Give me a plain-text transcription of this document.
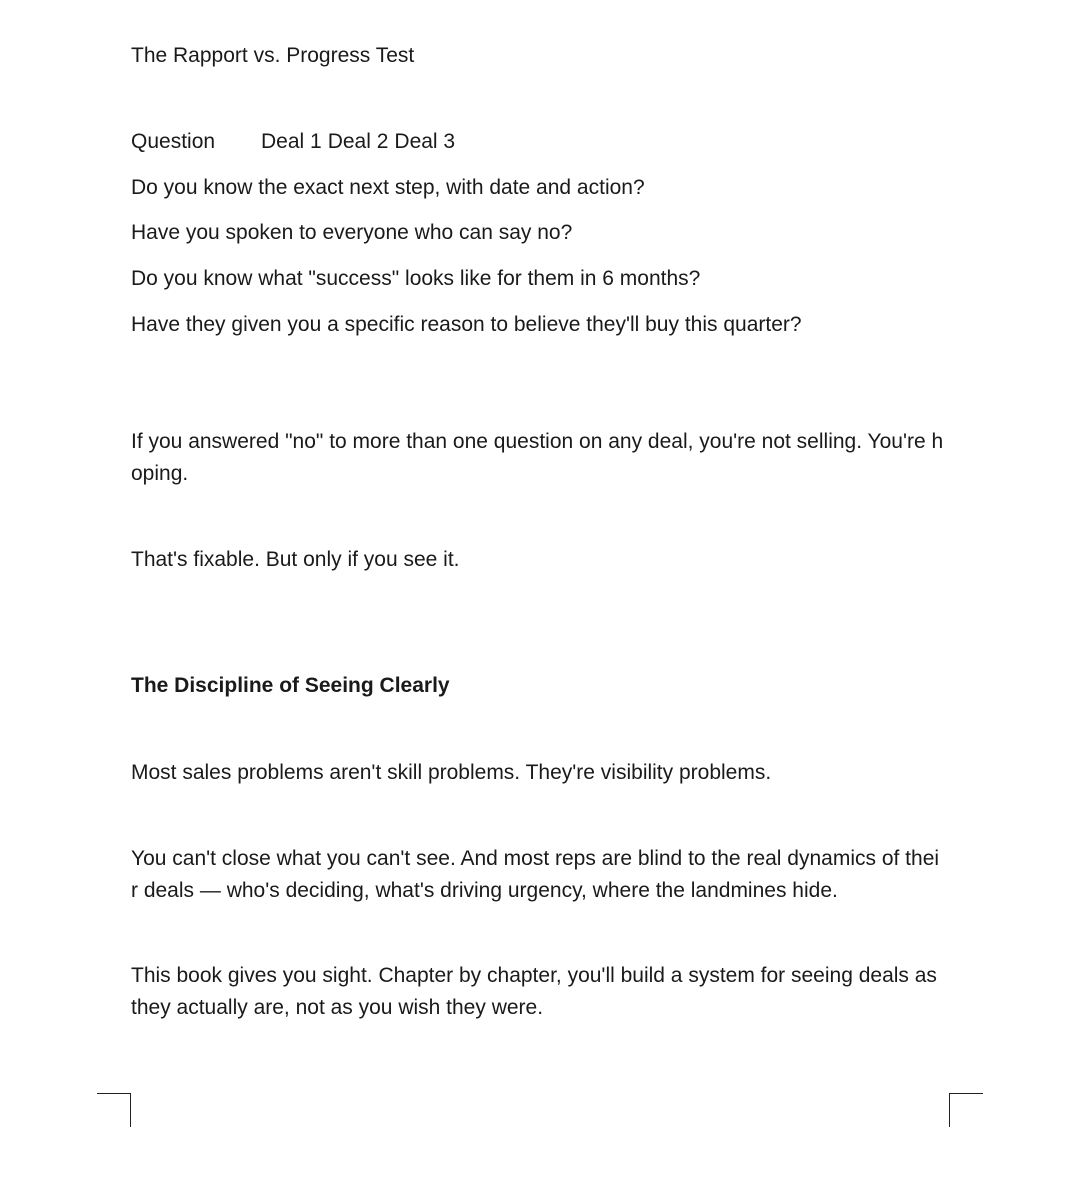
The Rapport vs. Progress Test

Question	Deal 1 Deal 2 Deal 3

Do you know the exact next step, with date and action?

Have you spoken to everyone who can say no?

Do you know what "success" looks like for them in 6 months?

Have they given you a specific reason to believe they'll buy this quarter?

If you answered "no" to more than one question on any deal, you're not selling. You're hoping.

That's fixable. But only if you see it.

The Discipline of Seeing Clearly

Most sales problems aren't skill problems. They're visibility problems.

You can't close what you can't see. And most reps are blind to the real dynamics of their deals — who's deciding, what's driving urgency, where the landmines hide.

This book gives you sight. Chapter by chapter, you'll build a system for seeing deals as they actually are, not as you wish they were.
